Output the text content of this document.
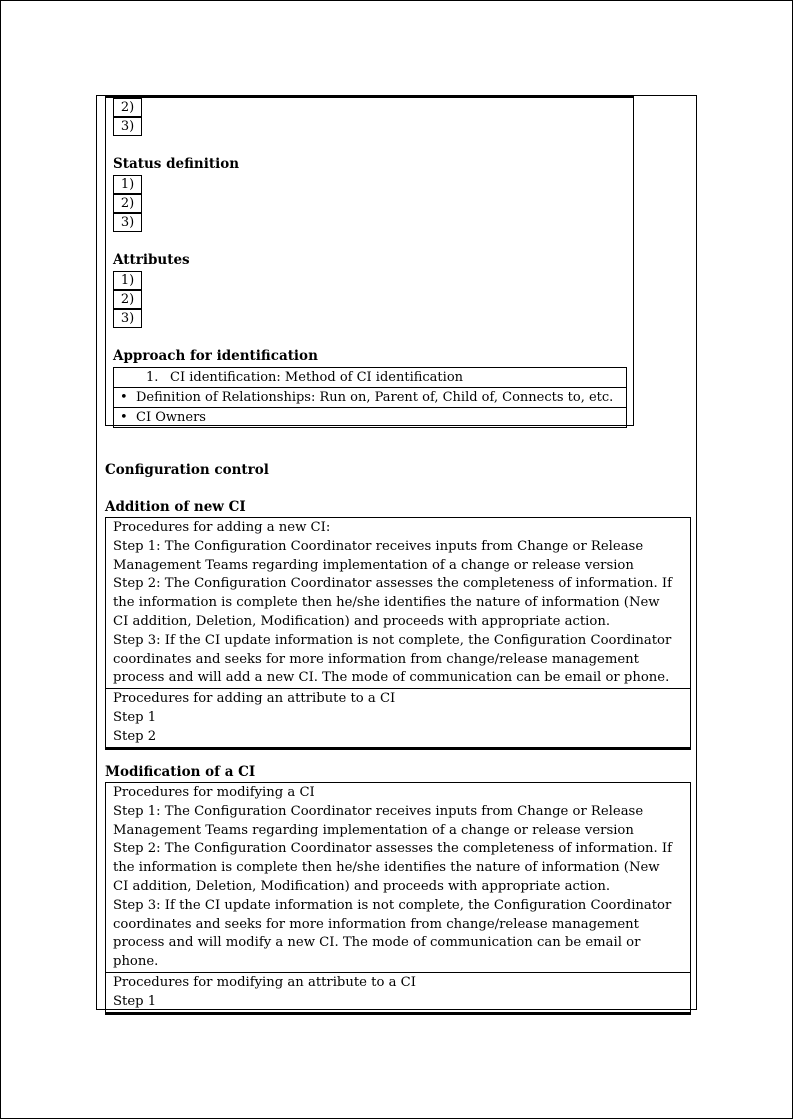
2)
3)
Status definition
1)
2)
3)
Attributes
1)
2)
3)
Approach for identification
1. CI identification: Method of CI identification
• Definition of Relationships: Run on, Parent of, Child of, Connects to, etc.
• CI Owners
Configuration control
Addition of new CI
Procedures for adding a new CI:
Step 1: The Configuration Coordinator receives inputs from Change or Release
Management Teams regarding implementation of a change or release version
Step 2: The Configuration Coordinator assesses the completeness of information. If
the information is complete then he/she identifies the nature of information (New
CI addition, Deletion, Modification) and proceeds with appropriate action.
Step 3: If the CI update information is not complete, the Configuration Coordinator
coordinates and seeks for more information from change/release management
process and will add a new CI. The mode of communication can be email or phone.
Procedures for adding an attribute to a CI
Step 1
Step 2
Modification of a CI
Procedures for modifying a CI
Step 1: The Configuration Coordinator receives inputs from Change or Release
Management Teams regarding implementation of a change or release version
Step 2: The Configuration Coordinator assesses the completeness of information. If
the information is complete then he/she identifies the nature of information (New
CI addition, Deletion, Modification) and proceeds with appropriate action.
Step 3: If the CI update information is not complete, the Configuration Coordinator
coordinates and seeks for more information from change/release management
process and will modify a new CI. The mode of communication can be email or
phone.
Procedures for modifying an attribute to a CI
Step 1
